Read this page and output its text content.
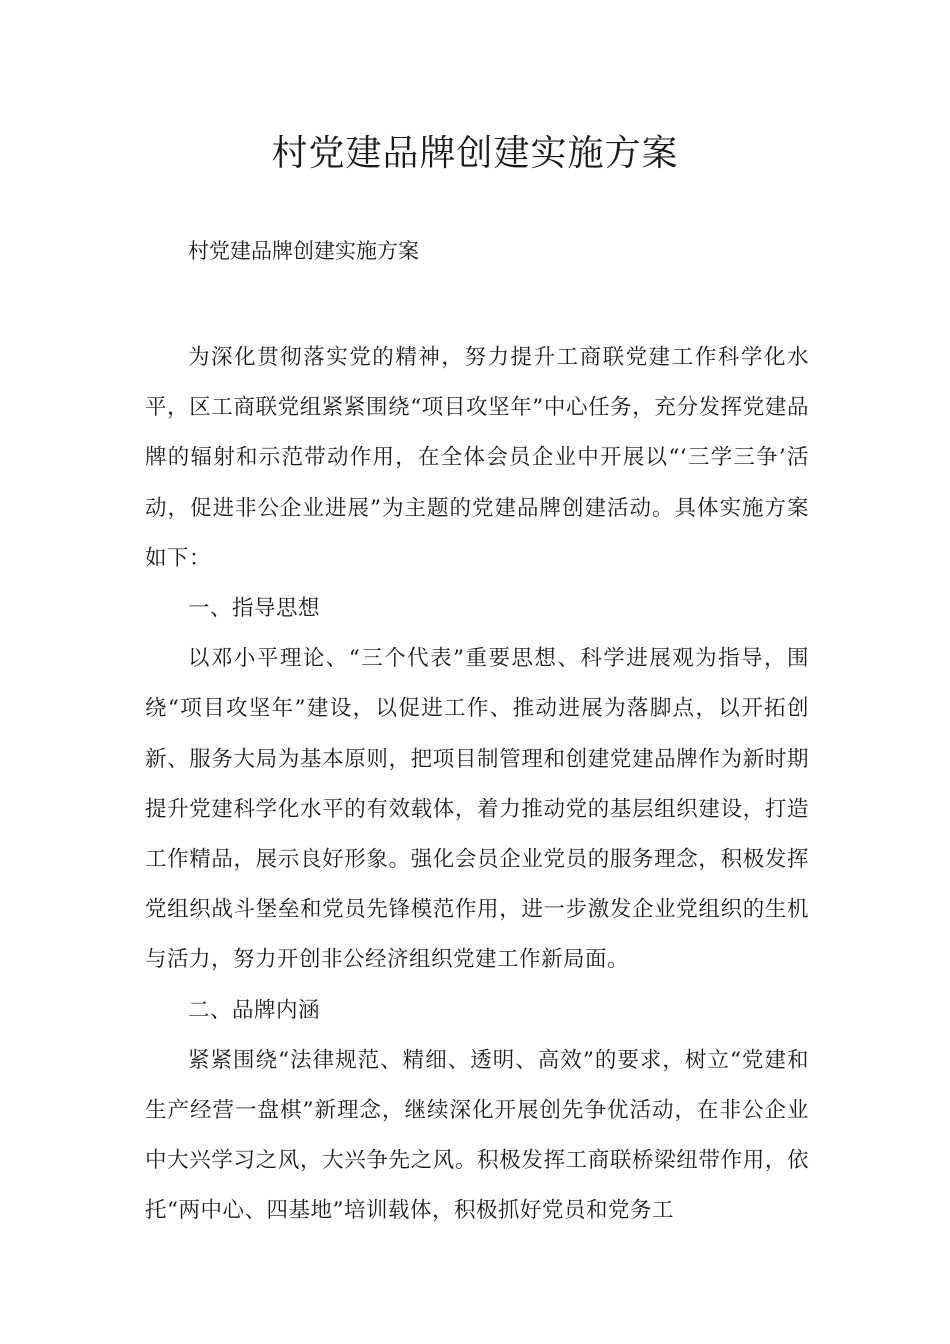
村党建品牌创建实施方案

村党建品牌创建实施方案

为深化贯彻落实党的精神，努力提升工商联党建工作科学化水平，区工商联党组紧紧围绕“项目攻坚年”中心任务，充分发挥党建品牌的辐射和示范带动作用，在全体会员企业中开展以“‘三学三争’活动，促进非公企业进展”为主题的党建品牌创建活动。具体实施方案如下：

一、指导思想

以邓小平理论、“三个代表”重要思想、科学进展观为指导，围绕“项目攻坚年”建设，以促进工作、推动进展为落脚点，以开拓创新、服务大局为基本原则，把项目制管理和创建党建品牌作为新时期提升党建科学化水平的有效载体，着力推动党的基层组织建设，打造工作精品，展示良好形象。强化会员企业党员的服务理念，积极发挥党组织战斗堡垒和党员先锋模范作用，进一步激发企业党组织的生机与活力，努力开创非公经济组织党建工作新局面。

二、品牌内涵

紧紧围绕“法律规范、精细、透明、高效”的要求，树立“党建和生产经营一盘棋”新理念，继续深化开展创先争优活动，在非公企业中大兴学习之风，大兴争先之风。积极发挥工商联桥梁纽带作用，依托“两中心、四基地”培训载体，积极抓好党员和党务工
